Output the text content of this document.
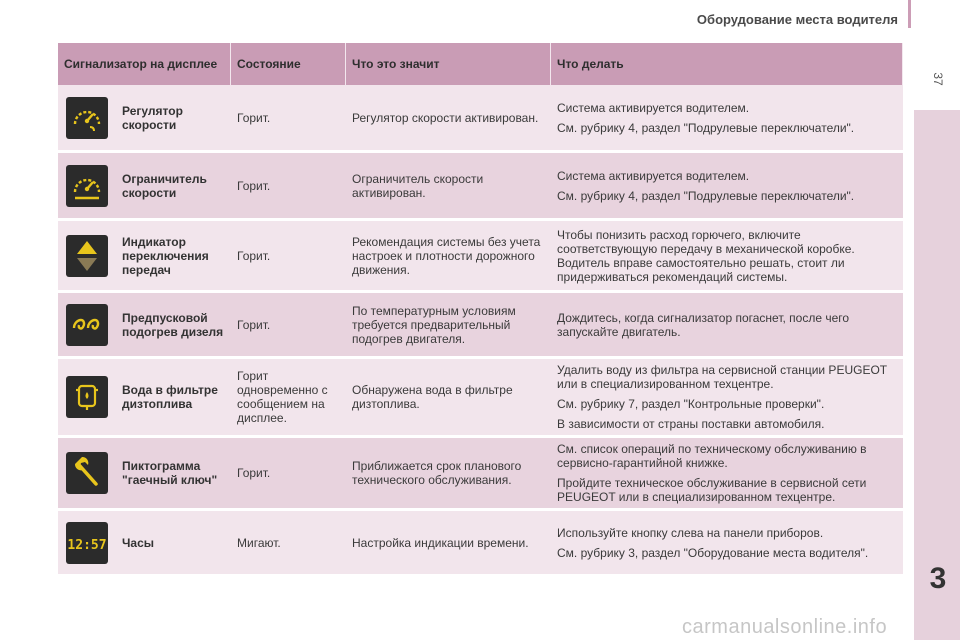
Оборудование места водителя
37
3
carmanualsonline.info
Сигнализатор на дисплее		Состояние	Что это значит	Что делать

	Регулятор скорости	Горит.	Регулятор скорости активирован.	Система активируется водителем.

См. рубрику 4, раздел "Подрулевые переключатели".

	Ограничитель скорости	Горит.	Ограничитель скорости активирован.	Система активируется водителем.

См. рубрику 4, раздел "Подрулевые переключатели".

	Индикатор переключения передач	Горит.	Рекомендация системы без учета настроек и плотности дорожного движения.	Чтобы понизить расход горючего, включите соответствующую передачу в механической коробке. Водитель вправе самостоятельно решать, стоит ли придерживаться рекомендаций системы.

	Предпусковой подогрев дизеля	Горит.	По температурным условиям требуется предварительный подогрев двигателя.	Дождитесь, когда сигнализатор погаснет, после чего запускайте двигатель.

	Вода в фильтре дизтоплива	Горит одновременно с сообщением на дисплее.	Обнаружена вода в фильтре дизтоплива.	Удалить воду из фильтра на сервисной станции PEUGEOT или в специализированном техцентре.

См. рубрику 7, раздел "Контрольные проверки".

В зависимости от страны поставки автомобиля.

	Пиктограмма "гаечный ключ"	Горит.	Приближается срок планового технического обслуживания.	См. список операций по техническому обслуживанию в сервисно-гарантийной книжке.

Пройдите техническое обслуживание в сервисной сети PEUGEOT или в специализированном техцентре.

12:57	Часы	Мигают.	Настройка индикации времени.	Используйте кнопку слева на панели приборов.

См. рубрику 3, раздел "Оборудование места водителя".
